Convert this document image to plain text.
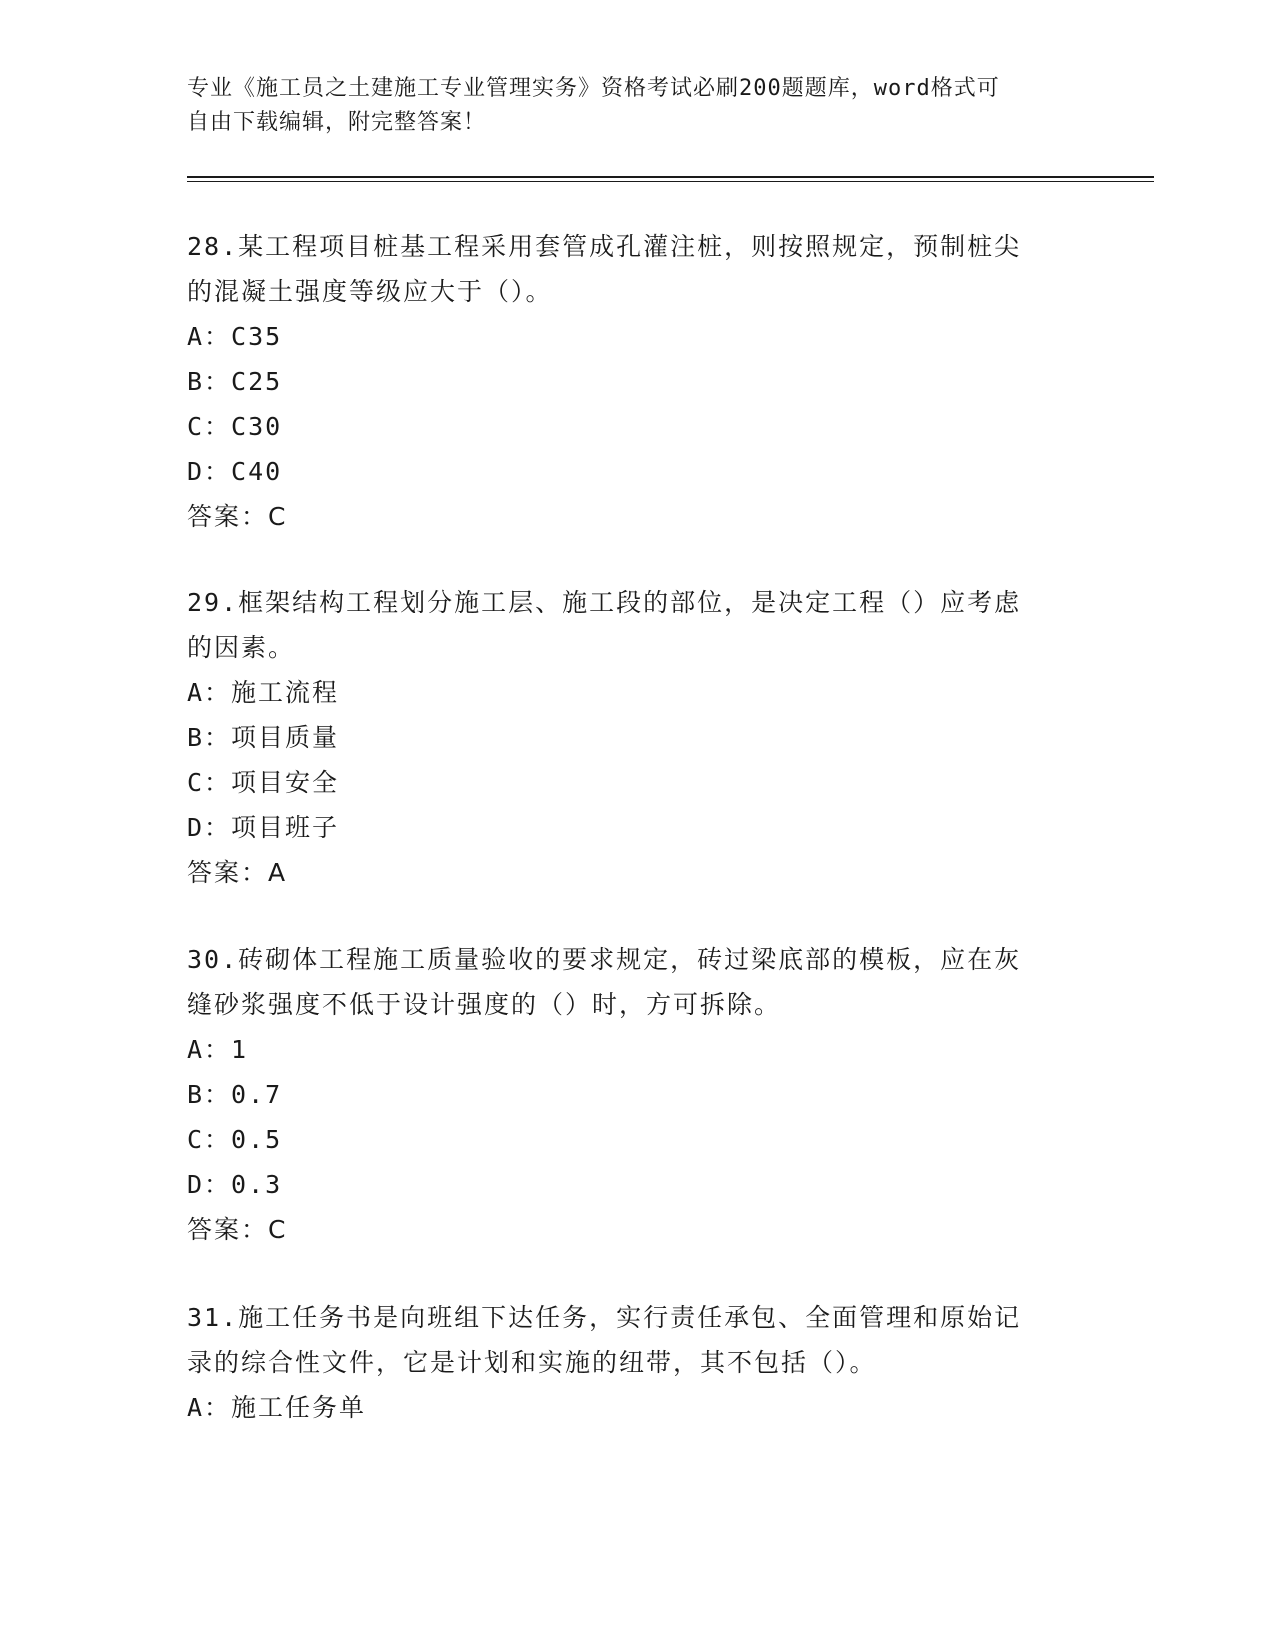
专业《施工员之土建施工专业管理实务》资格考试必刷200题题库，word格式可
自由下载编辑，附完整答案！

28.某工程项目桩基工程采用套管成孔灌注桩，则按照规定，预制桩尖

的混凝土强度等级应大于（）。

A：C35

B：C25

C：C30

D：C40

答案：C

29.框架结构工程划分施工层、施工段的部位，是决定工程（）应考虑

的因素。

A：施工流程

B：项目质量

C：项目安全

D：项目班子

答案：A

30.砖砌体工程施工质量验收的要求规定，砖过梁底部的模板，应在灰

缝砂浆强度不低于设计强度的（）时，方可拆除。

A：1

B：0.7

C：0.5

D：0.3

答案：C

31.施工任务书是向班组下达任务，实行责任承包、全面管理和原始记

录的综合性文件，它是计划和实施的纽带，其不包括（）。

A：施工任务单
